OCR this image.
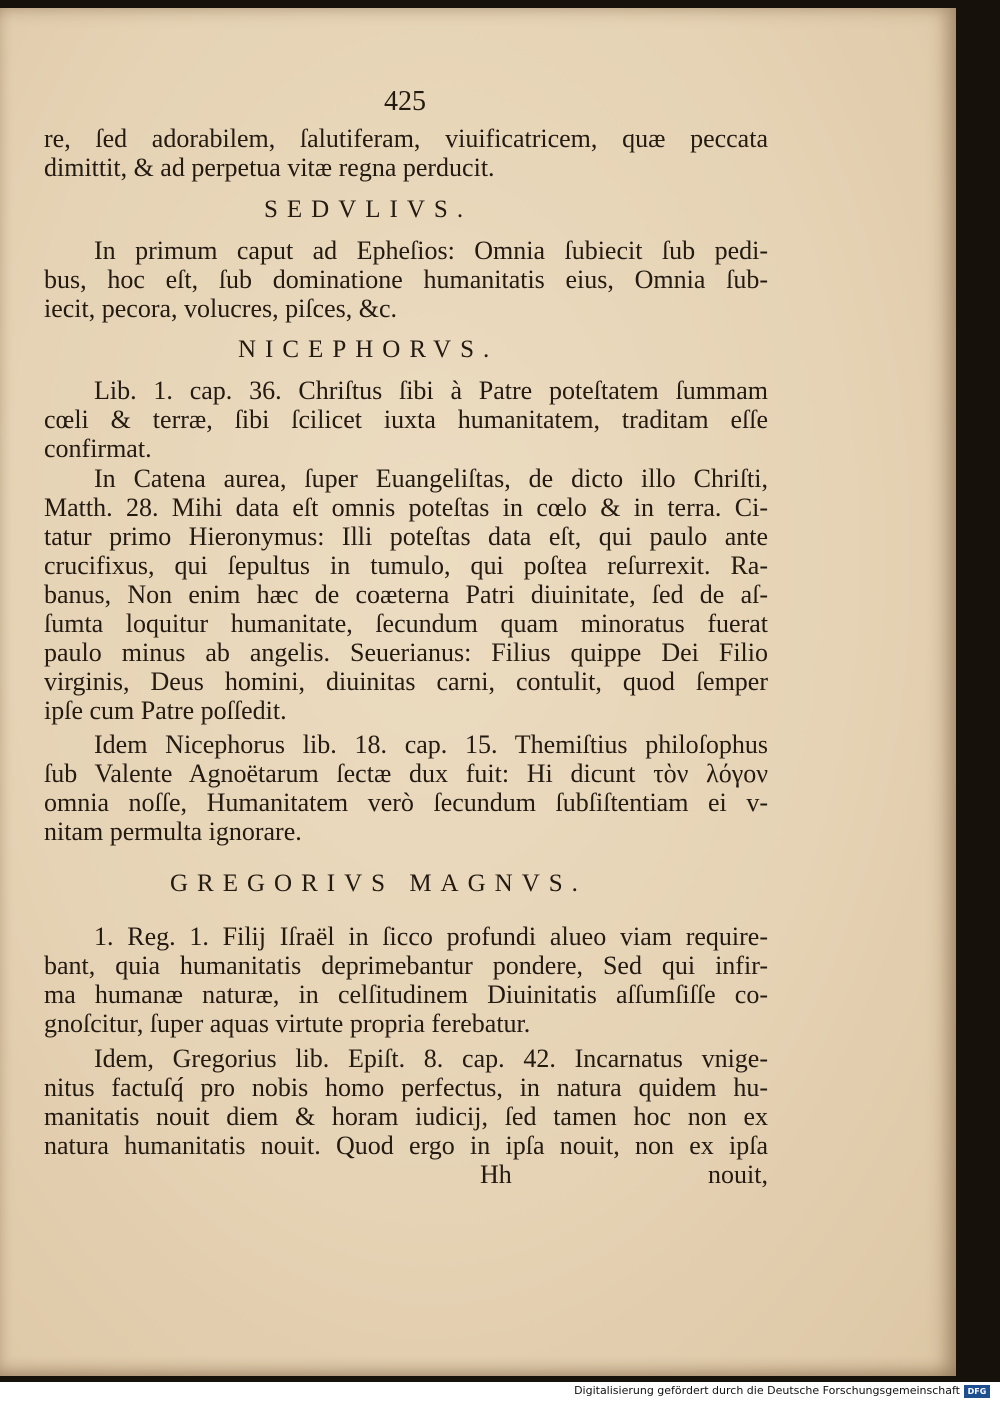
425
re, ſed adorabilem, ſalutiferam, viuificatricem, quæ peccata
dimittit, & ad perpetua vitæ regna perducit.
SEDVLIVS.
In primum caput ad Epheſios: Omnia ſubiecit ſub pedi-
bus, hoc eſt, ſub dominatione humanitatis eius, Omnia ſub-
iecit, pecora, volucres, piſces, &c.
NICEPHORVS.
Lib. 1. cap. 36. Chriſtus ſibi à Patre poteſtatem ſummam
cœli & terræ, ſibi ſcilicet iuxta humanitatem, traditam eſſe
confirmat.
In Catena aurea, ſuper Euangeliſtas, de dicto illo Chriſti,
Matth. 28. Mihi data eſt omnis poteſtas in cœlo & in terra. Ci-
tatur primo Hieronymus: Illi poteſtas data eſt, qui paulo ante
crucifixus, qui ſepultus in tumulo, qui poſtea reſurrexit. Ra-
banus, Non enim hæc de coæterna Patri diuinitate, ſed de aſ-
ſumta loquitur humanitate, ſecundum quam minoratus fuerat
paulo minus ab angelis. Seuerianus: Filius quippe Dei Filio
virginis, Deus homini, diuinitas carni, contulit, quod ſemper
ipſe cum Patre poſſedit.
Idem Nicephorus lib. 18. cap. 15. Themiſtius philoſophus
ſub Valente Agnoëtarum ſectæ dux fuit: Hi dicunt τὸν λόγον
omnia noſſe, Humanitatem verò ſecundum ſubſiſtentiam ei v-
nitam permulta ignorare.
GREGORIVS MAGNVS.
1. Reg. 1. Filij Iſraël in ſicco profundi alueo viam require-
bant, quia humanitatis deprimebantur pondere, Sed qui infir-
ma humanæ naturæ, in celſitudinem Diuinitatis aſſumſiſſe co-
gnoſcitur, ſuper aquas virtute propria ferebatur.
Idem, Gregorius lib. Epiſt. 8. cap. 42. Incarnatus vnige-
nitus factuſq́ pro nobis homo perfectus, in natura quidem hu-
manitatis nouit diem & horam iudicij, ſed tamen hoc non ex
natura humanitatis nouit. Quod ergo in ipſa nouit, non ex ipſa
Hh	nouit,
Digitalisierung gefördert durch die Deutsche Forschungsgemeinschaft DFG
